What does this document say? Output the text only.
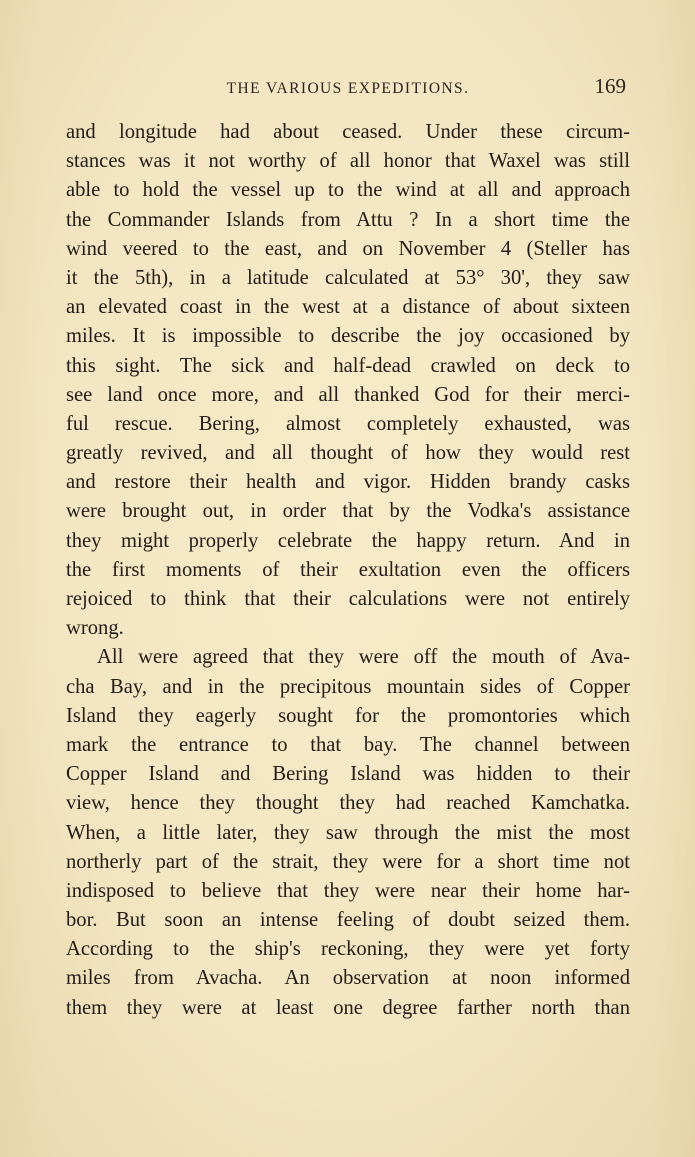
THE VARIOUS EXPEDITIONS.	169
and longitude had about ceased. Under these circum-
stances was it not worthy of all honor that Waxel was still
able to hold the vessel up to the wind at all and approach
the Commander Islands from Attu ? In a short time the
wind veered to the east, and on November 4 (Steller has
it the 5th), in a latitude calculated at 53° 30', they saw
an elevated coast in the west at a distance of about sixteen
miles. It is impossible to describe the joy occasioned by
this sight. The sick and half-dead crawled on deck to
see land once more, and all thanked God for their merci-
ful rescue. Bering, almost completely exhausted, was
greatly revived, and all thought of how they would rest
and restore their health and vigor. Hidden brandy casks
were brought out, in order that by the Vodka's assistance
they might properly celebrate the happy return. And in
the first moments of their exultation even the officers
rejoiced to think that their calculations were not entirely
wrong.
All were agreed that they were off the mouth of Ava-
cha Bay, and in the precipitous mountain sides of Copper
Island they eagerly sought for the promontories which
mark the entrance to that bay. The channel between
Copper Island and Bering Island was hidden to their
view, hence they thought they had reached Kamchatka.
When, a little later, they saw through the mist the most
northerly part of the strait, they were for a short time not
indisposed to believe that they were near their home har-
bor. But soon an intense feeling of doubt seized them.
According to the ship's reckoning, they were yet forty
miles from Avacha. An observation at noon informed
them they were at least one degree farther north than
